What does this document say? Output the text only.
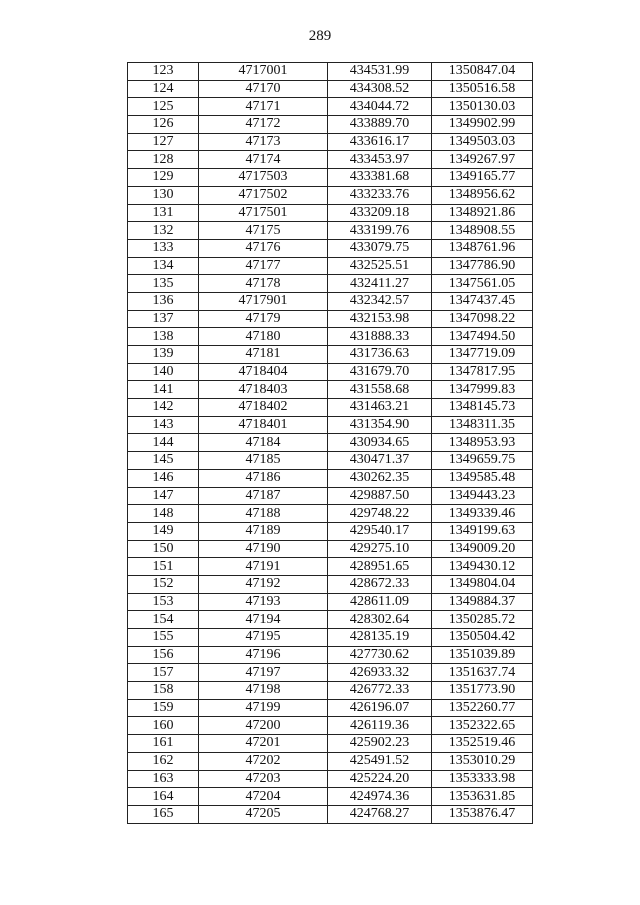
289
123	4717001	434531.99	1350847.04
124	47170	434308.52	1350516.58
125	47171	434044.72	1350130.03
126	47172	433889.70	1349902.99
127	47173	433616.17	1349503.03
128	47174	433453.97	1349267.97
129	4717503	433381.68	1349165.77
130	4717502	433233.76	1348956.62
131	4717501	433209.18	1348921.86
132	47175	433199.76	1348908.55
133	47176	433079.75	1348761.96
134	47177	432525.51	1347786.90
135	47178	432411.27	1347561.05
136	4717901	432342.57	1347437.45
137	47179	432153.98	1347098.22
138	47180	431888.33	1347494.50
139	47181	431736.63	1347719.09
140	4718404	431679.70	1347817.95
141	4718403	431558.68	1347999.83
142	4718402	431463.21	1348145.73
143	4718401	431354.90	1348311.35
144	47184	430934.65	1348953.93
145	47185	430471.37	1349659.75
146	47186	430262.35	1349585.48
147	47187	429887.50	1349443.23
148	47188	429748.22	1349339.46
149	47189	429540.17	1349199.63
150	47190	429275.10	1349009.20
151	47191	428951.65	1349430.12
152	47192	428672.33	1349804.04
153	47193	428611.09	1349884.37
154	47194	428302.64	1350285.72
155	47195	428135.19	1350504.42
156	47196	427730.62	1351039.89
157	47197	426933.32	1351637.74
158	47198	426772.33	1351773.90
159	47199	426196.07	1352260.77
160	47200	426119.36	1352322.65
161	47201	425902.23	1352519.46
162	47202	425491.52	1353010.29
163	47203	425224.20	1353333.98
164	47204	424974.36	1353631.85
165	47205	424768.27	1353876.47
